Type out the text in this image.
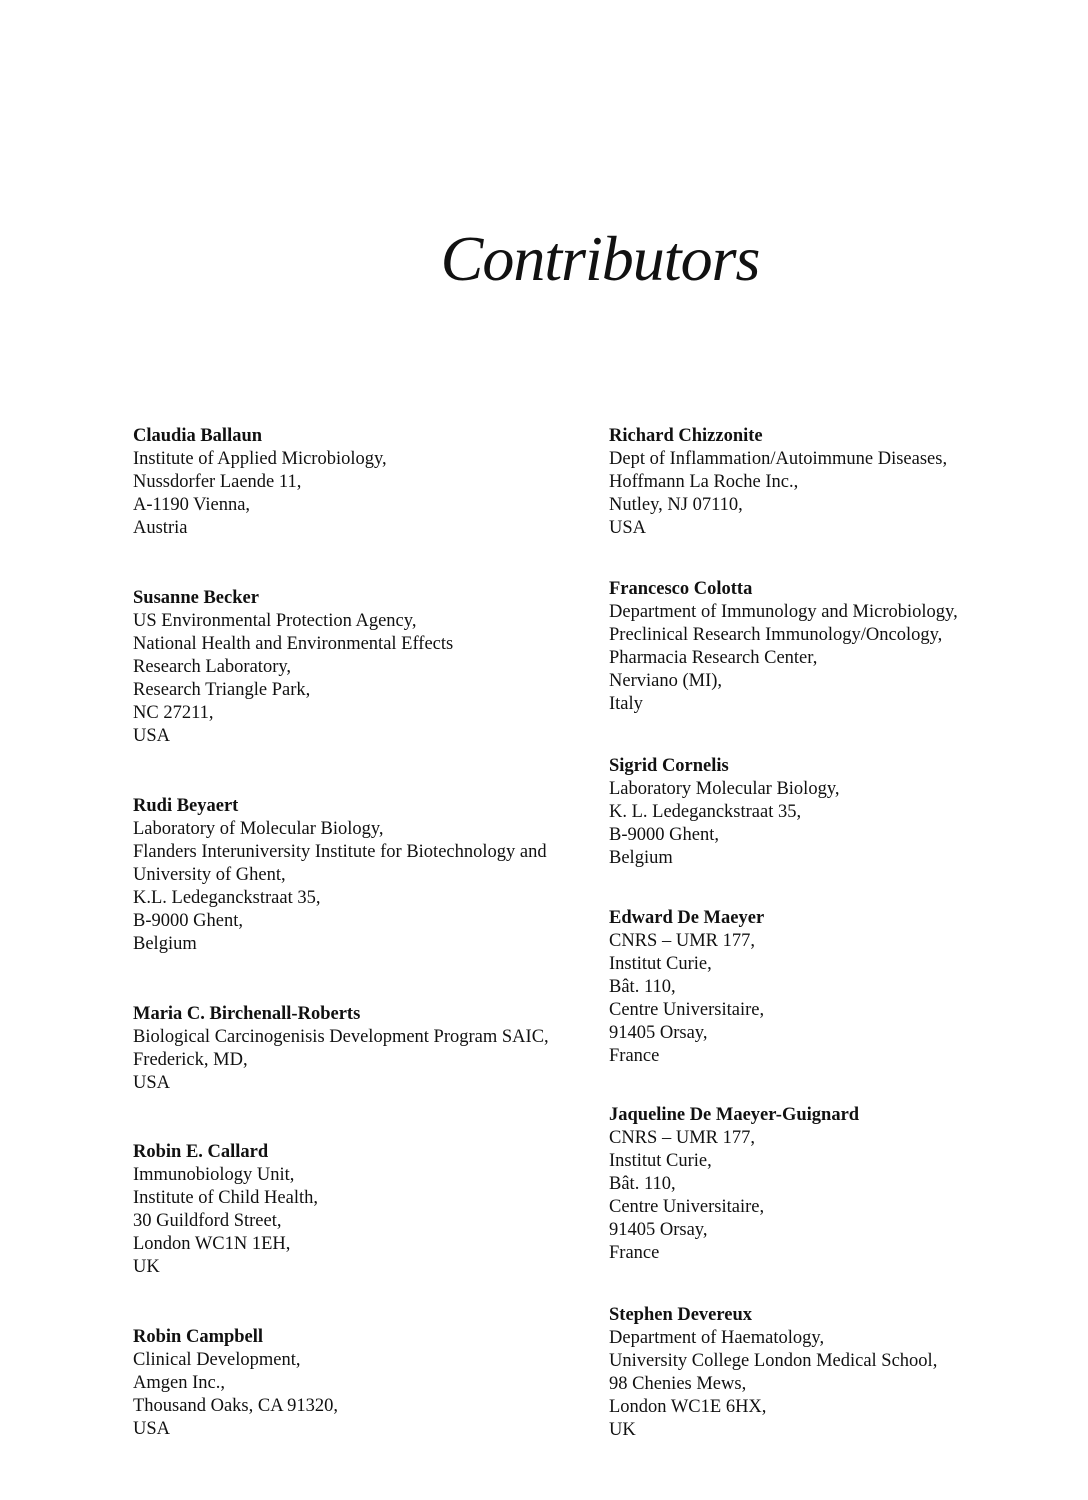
Contributors
Claudia Ballaun
Institute of Applied Microbiology,
Nussdorfer Laende 11,
A-1190 Vienna,
Austria
Susanne Becker
US Environmental Protection Agency,
National Health and Environmental Effects
Research Laboratory,
Research Triangle Park,
NC 27211,
USA
Rudi Beyaert
Laboratory of Molecular Biology,
Flanders Interuniversity Institute for Biotechnology and
University of Ghent,
K.L. Ledeganckstraat 35,
B-9000 Ghent,
Belgium
Maria C. Birchenall-Roberts
Biological Carcinogenisis Development Program SAIC,
Frederick, MD,
USA
Robin E. Callard
Immunobiology Unit,
Institute of Child Health,
30 Guildford Street,
London WC1N 1EH,
UK
Robin Campbell
Clinical Development,
Amgen Inc.,
Thousand Oaks, CA 91320,
USA
Richard Chizzonite
Dept of Inflammation/Autoimmune Diseases,
Hoffmann La Roche Inc.,
Nutley, NJ 07110,
USA
Francesco Colotta
Department of Immunology and Microbiology,
Preclinical Research Immunology/Oncology,
Pharmacia Research Center,
Nerviano (MI),
Italy
Sigrid Cornelis
Laboratory Molecular Biology,
K. L. Ledeganckstraat 35,
B-9000 Ghent,
Belgium
Edward De Maeyer
CNRS – UMR 177,
Institut Curie,
Bât. 110,
Centre Universitaire,
91405 Orsay,
France
Jaqueline De Maeyer-Guignard
CNRS – UMR 177,
Institut Curie,
Bât. 110,
Centre Universitaire,
91405 Orsay,
France
Stephen Devereux
Department of Haematology,
University College London Medical School,
98 Chenies Mews,
London WC1E 6HX,
UK
